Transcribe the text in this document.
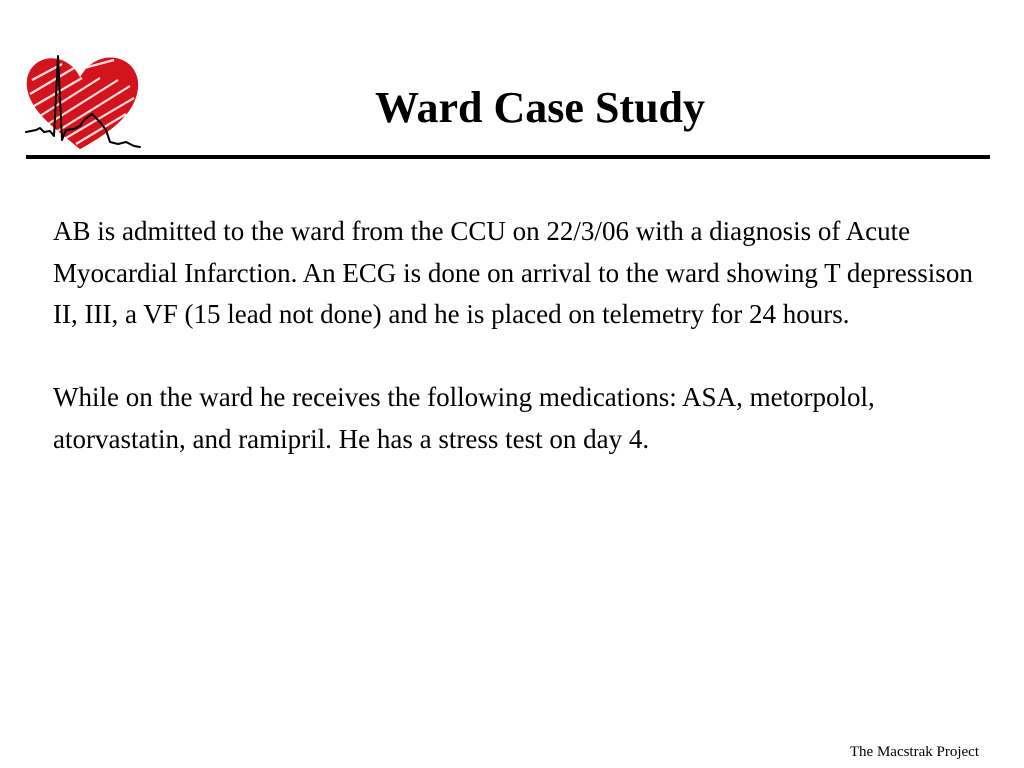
Ward Case Study

AB is admitted to the ward from the CCU on 22/3/06 with a diagnosis of Acute Myocardial Infarction. An ECG is done on arrival to the ward showing T depressison II, III, a VF (15 lead not done) and he is placed on telemetry for 24 hours.

While on the ward he receives the following medications: ASA, metorpolol, atorvastatin, and ramipril. He has a stress test on day 4.

The Macstrak Project
